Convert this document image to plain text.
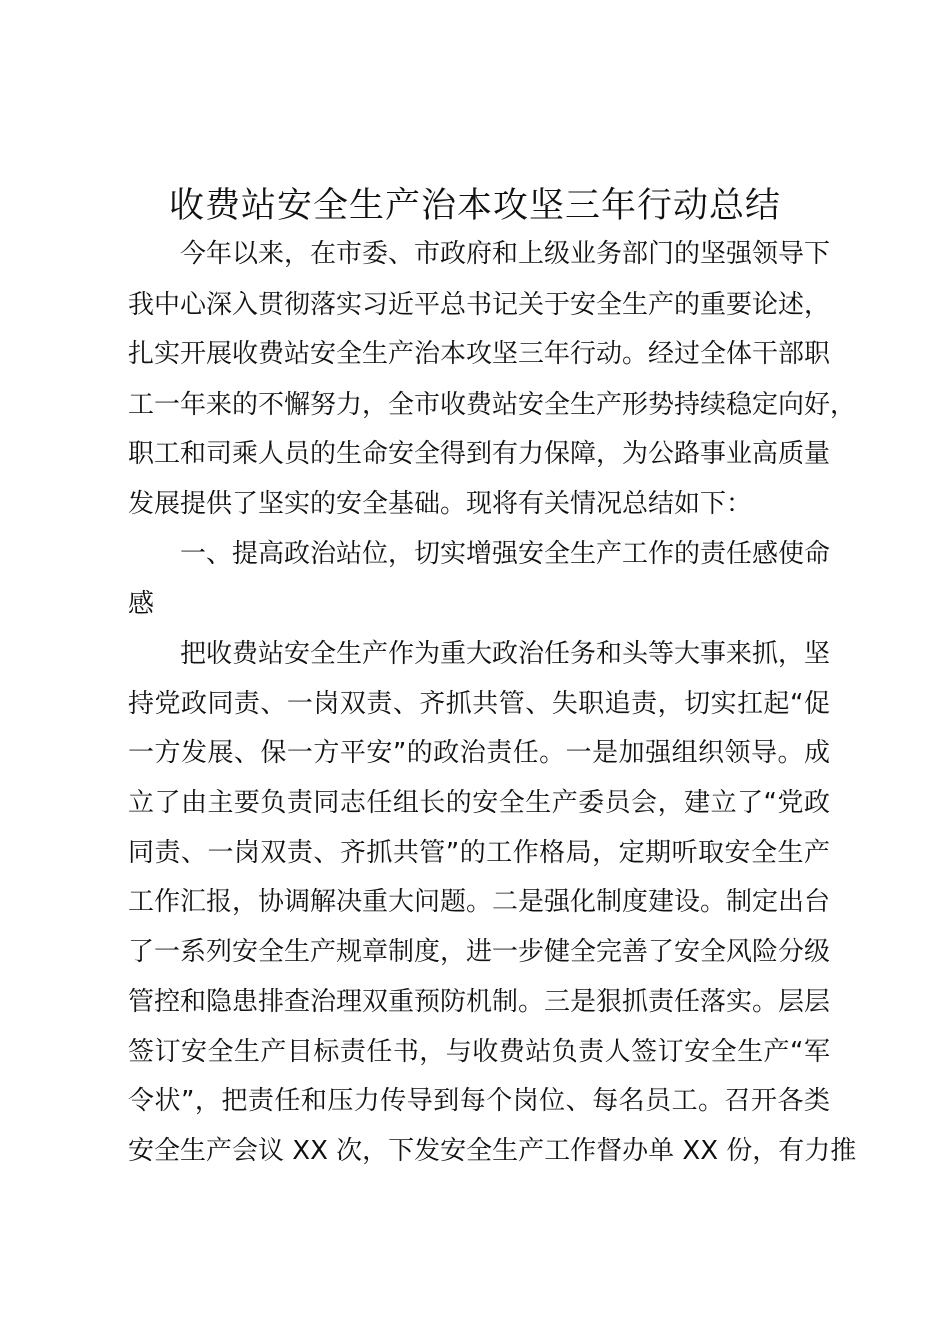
收费站安全生产治本攻坚三年行动总结
今年以来，在市委、市政府和上级业务部门的坚强领导下
我中心深入贯彻落实习近平总书记关于安全生产的重要论述，
扎实开展收费站安全生产治本攻坚三年行动。经过全体干部职
工一年来的不懈努力，全市收费站安全生产形势持续稳定向好，
职工和司乘人员的生命安全得到有力保障，为公路事业高质量
发展提供了坚实的安全基础。现将有关情况总结如下：
一、提高政治站位，切实增强安全生产工作的责任感使命
感
把收费站安全生产作为重大政治任务和头等大事来抓，坚
持党政同责、一岗双责、齐抓共管、失职追责，切实扛起“促
一方发展、保一方平安”的政治责任。一是加强组织领导。成
立了由主要负责同志任组长的安全生产委员会，建立了“党政
同责、一岗双责、齐抓共管”的工作格局，定期听取安全生产
工作汇报，协调解决重大问题。二是强化制度建设。制定出台
了一系列安全生产规章制度，进一步健全完善了安全风险分级
管控和隐患排查治理双重预防机制。三是狠抓责任落实。层层
签订安全生产目标责任书，与收费站负责人签订安全生产“军
令状”，把责任和压力传导到每个岗位、每名员工。召开各类
安全生产会议 XX 次，下发安全生产工作督办单 XX 份，有力推
